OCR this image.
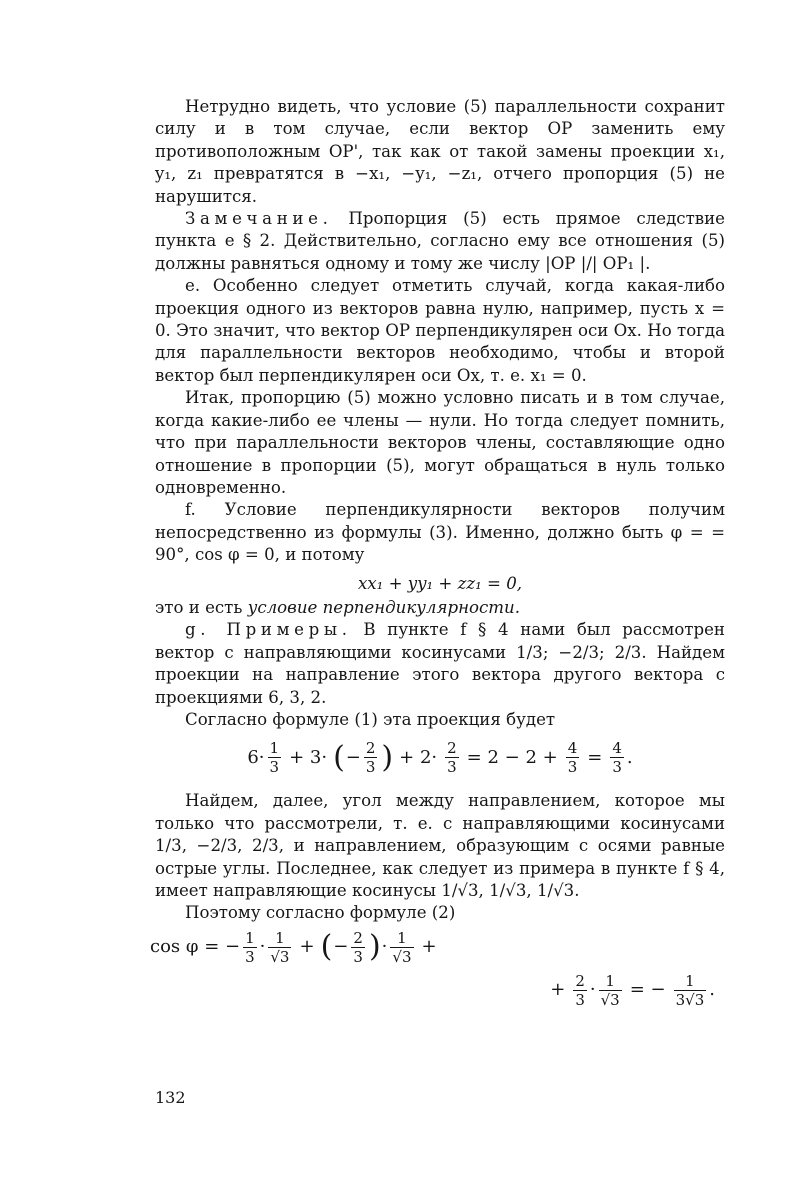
Нетрудно видеть, что условие (5) параллельности сохранит силу и в том случае, если вектор OP заменить ему противоположным OP', так как от такой замены проекции x₁, y₁, z₁ превратятся в −x₁, −y₁, −z₁, отчего пропорция (5) не нарушится.

Замечание. Пропорция (5) есть прямое следствие пункта е § 2. Действительно, согласно ему все отношения (5) должны равняться одному и тому же числу |OP |/| OP₁ |.

е. Особенно следует отметить случай, когда какая-либо проекция одного из векторов равна нулю, например, пусть x = 0. Это значит, что вектор OP перпендикулярен оси Ox. Но тогда для параллельности векторов необходимо, чтобы и второй вектор был перпендикулярен оси Ox, т. е. x₁ = 0.

Итак, пропорцию (5) можно условно писать и в том случае, когда какие-либо ее члены — нули. Но тогда следует помнить, что при параллельности векторов члены, составляющие одно отношение в пропорции (5), могут обращаться в нуль только одновременно.

f. Условие перпендикулярности векторов получим непосредственно из формулы (3). Именно, должно быть φ = = 90°, cos φ = 0, и потому

xx₁ + yy₁ + zz₁ = 0,

это и есть условие перпендикулярности.

g. Примеры. В пункте f § 4 нами был рассмотрен вектор с направляющими косинусами 1/3; −2/3; 2/3. Найдем проекции на направление этого вектора другого вектора с проекциями 6, 3, 2.

Согласно формуле (1) эта проекция будет

$6\cdot \frac{1}{3} + 3\cdot$ ( − $\frac{2}{3}$ ) + $2\cdot \frac{2}{3} = 2 - 2 + \frac{4}{3} = \frac{4}{3}$ .

Найдем, далее, угол между направлением, которое мы только что рассмотрели, т. е. с направляющими косинусами 1/3, −2/3, 2/3, и направлением, образующим с осями равные острые углы. Последнее, как следует из примера в пункте f § 4, имеет направляющие косинусы 1/√3, 1/√3, 1/√3.

Поэтому согласно формуле (2)

cos φ = − $\frac{1}{3} \cdot \frac{1}{√3}$ + ( − $\frac{2}{3}$ ) · $\frac{1}{√3}$ +
+ $\frac{2}{3} \cdot \frac{1}{√3}$ = − $\frac{1}{3√3}$ .
132
